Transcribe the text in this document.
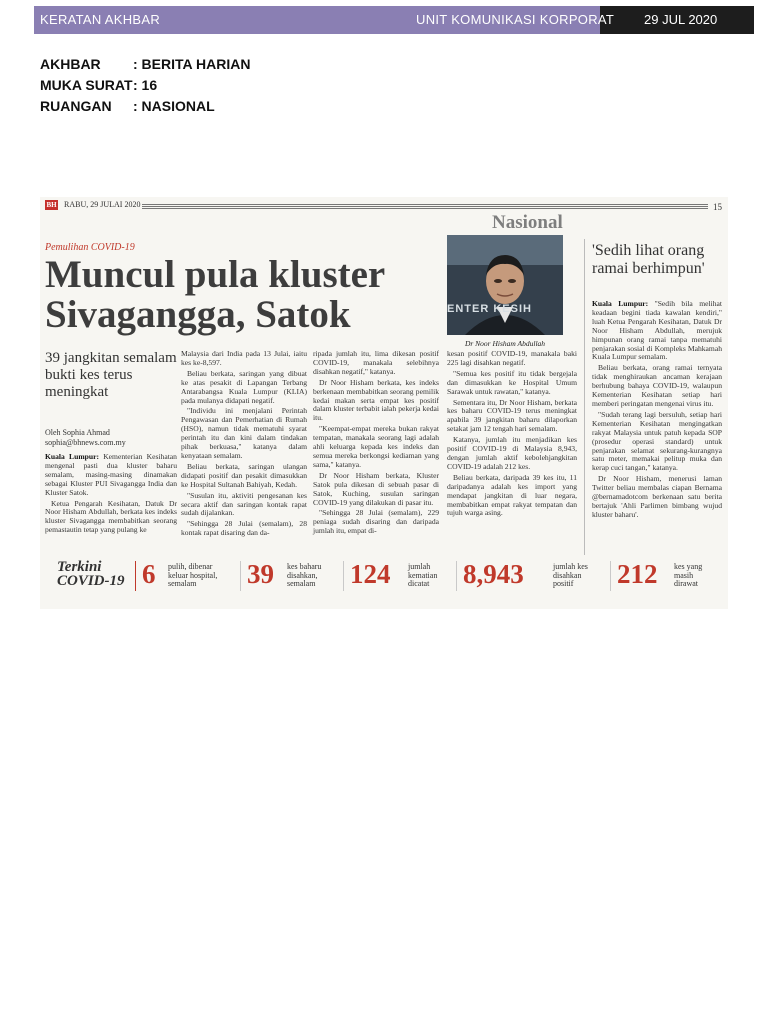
KERATAN AKHBAR	UNIT KOMUNIKASI KORPORAT 29 JUL 2020
AKHBAR	: BERITA HARIAN
MUKA SURAT : 16
RUANGAN	: NASIONAL
BH RABU, 29 JULAI 2020	15
Nasional
Pemulihan COVID-19
Muncul pula kluster Sivagangga, Satok
39 jangkitan semalam bukti kes terus meningkat
Oleh Sophia Ahmad
sophia@bhnews.com.my

Kuala Lumpur: Kementerian Kesihatan mengenal pasti dua kluster baharu semalam, masing-masing dinamakan sebagai Kluster PUI Sivagangga India dan Kluster Satok.

Ketua Pengarah Kesihatan, Datuk Dr Noor Hisham Abdullah, berkata kes indeks kluster Sivagangga membabitkan seorang pemastautin tetap yang pulang ke

Malaysia dari India pada 13 Julai, iaitu kes ke-8,597.

Beliau berkata, saringan yang dibuat ke atas pesakit di Lapangan Terbang Antarabangsa Kuala Lumpur (KLIA) pada mulanya didapati negatif.

"Individu ini menjalani Perintah Pengawasan dan Pemerhatian di Rumah (HSO), namun tidak mematuhi syarat perintah itu dan kini dalam tindakan pihak berkuasa," katanya dalam kenyataan semalam.

Beliau berkata, saringan ulangan didapati positif dan pesakit dimasukkan ke Hospital Sultanah Bahiyah, Kedah.

"Susulan itu, aktiviti pengesanan kes secara aktif dan saringan kontak rapat sudah dijalankan.

"Sehingga 28 Julai (semalam), 28 kontak rapat disaring dan da-

ripada jumlah itu, lima dikesan positif COVID-19, manakala selebihnya disahkan negatif," katanya.

Dr Noor Hisham berkata, kes indeks berkenaan membabitkan seorang pemilik kedai makan serta empat kes positif dalam kluster terbabit ialah pekerja kedai itu.

"Keempat-empat mereka bukan rakyat tempatan, manakala seorang lagi adalah ahli keluarga kepada kes indeks dan semua mereka berkongsi kediaman yang sama," katanya.

Dr Noor Hisham berkata, Kluster Satok pula dikesan di sebuah pasar di Satok, Kuching, susulan saringan COVID-19 yang dilakukan di pasar itu.

"Sehingga 28 Julai (semalam), 229 peniaga sudah disaring dan daripada jumlah itu, empat di-

ENTER KESIH
Dr Noor Hisham Abdullah

kesan positif COVID-19, manakala baki 225 lagi disahkan negatif.

"Semua kes positif itu tidak bergejala dan dimasukkan ke Hospital Umum Sarawak untuk rawatan," katanya.

Sementara itu, Dr Noor Hisham, berkata kes baharu COVID-19 terus meningkat apabila 39 jangkitan baharu dilaporkan setakat jam 12 tengah hari semalam.

Katanya, jumlah itu menjadikan kes positif COVID-19 di Malaysia 8,943, dengan jumlah aktif kebolehjangkitan COVID-19 adalah 212 kes.

Beliau berkata, daripada 39 kes itu, 11 daripadanya adalah kes import yang mendapat jangkitan di luar negara, membabitkan empat rakyat tempatan dan tujuh warga asing.

'Sedih lihat orang ramai berhimpun'

Kuala Lumpur: "Sedih bila melihat keadaan begini tiada kawalan kendiri," luah Ketua Pengarah Kesihatan, Datuk Dr Noor Hisham Abdullah, merujuk himpunan orang ramai tanpa mematuhi penjarakan sosial di Kompleks Mahkamah Kuala Lumpur semalam.

Beliau berkata, orang ramai ternyata tidak menghiraukan ancaman kerajaan berhubung bahaya COVID-19, walaupun Kementerian Kesihatan setiap hari memberi peringatan mengenai virus itu.

"Sudah terang lagi bersuluh, setiap hari Kementerian Kesihatan mengingatkan rakyat Malaysia untuk patuh kepada SOP (prosedur operasi standard) untuk penjarakan selamat sekurang-kurangnya satu meter, memakai pelitup muka dan kerap cuci tangan," katanya.

Dr Noor Hisham, menerusi laman Twitter beliau membalas ciapan Bernama @bernamadotcom berkenaan satu berita bertajuk 'Ahli Parlimen bimbang wujud kluster baharu'.

Terkini
COVID-19 6 pulih, dibenar
keluar hospital,
semalam	39 kes baharu
disahkan,
semalam	124 jumlah
kematian
dicatat	8,943	jumlah kes
disahkan
positif	212 kes yang
masih
dirawat
